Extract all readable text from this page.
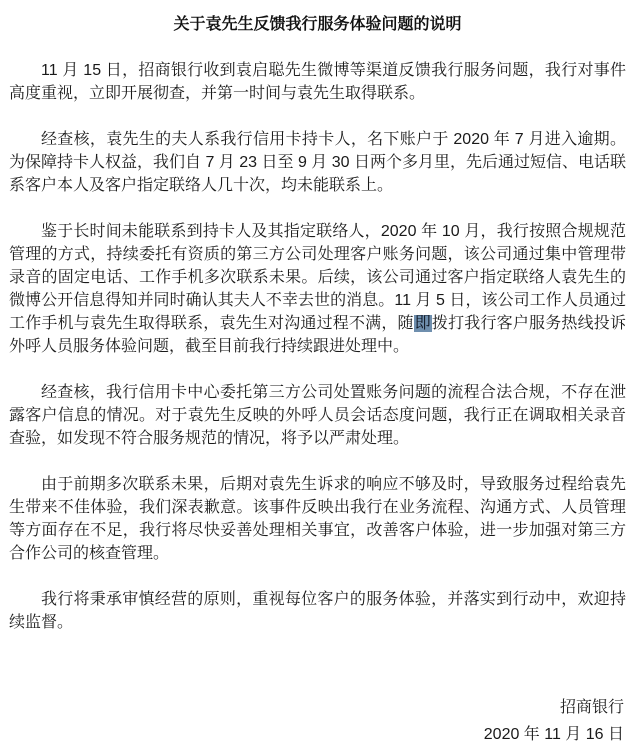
关于袁先生反馈我行服务体验问题的说明

11 月 15 日，招商银行收到袁启聪先生微博等渠道反馈我行服务问题，我行对事件高度重视，立即开展彻查，并第一时间与袁先生取得联系。

经查核，袁先生的夫人系我行信用卡持卡人，名下账户于 2020 年 7 月进入逾期。为保障持卡人权益，我们自 7 月 23 日至 9 月 30 日两个多月里，先后通过短信、电话联系客户本人及客户指定联络人几十次，均未能联系上。

鉴于长时间未能联系到持卡人及其指定联络人，2020 年 10 月，我行按照合规规范管理的方式，持续委托有资质的第三方公司处理客户账务问题，该公司通过集中管理带录音的固定电话、工作手机多次联系未果。后续，该公司通过客户指定联络人袁先生的微博公开信息得知并同时确认其夫人不幸去世的消息。11 月 5 日，该公司工作人员通过工作手机与袁先生取得联系，袁先生对沟通过程不满，随即拨打我行客户服务热线投诉外呼人员服务体验问题，截至目前我行持续跟进处理中。

经查核，我行信用卡中心委托第三方公司处置账务问题的流程合法合规，不存在泄露客户信息的情况。对于袁先生反映的外呼人员会话态度问题，我行正在调取相关录音查验，如发现不符合服务规范的情况，将予以严肃处理。

由于前期多次联系未果，后期对袁先生诉求的响应不够及时，导致服务过程给袁先生带来不佳体验，我们深表歉意。该事件反映出我行在业务流程、沟通方式、人员管理等方面存在不足，我行将尽快妥善处理相关事宜，改善客户体验，进一步加强对第三方合作公司的核查管理。

我行将秉承审慎经营的原则，重视每位客户的服务体验，并落实到行动中，欢迎持续监督。

招商银行
2020 年 11 月 16 日
